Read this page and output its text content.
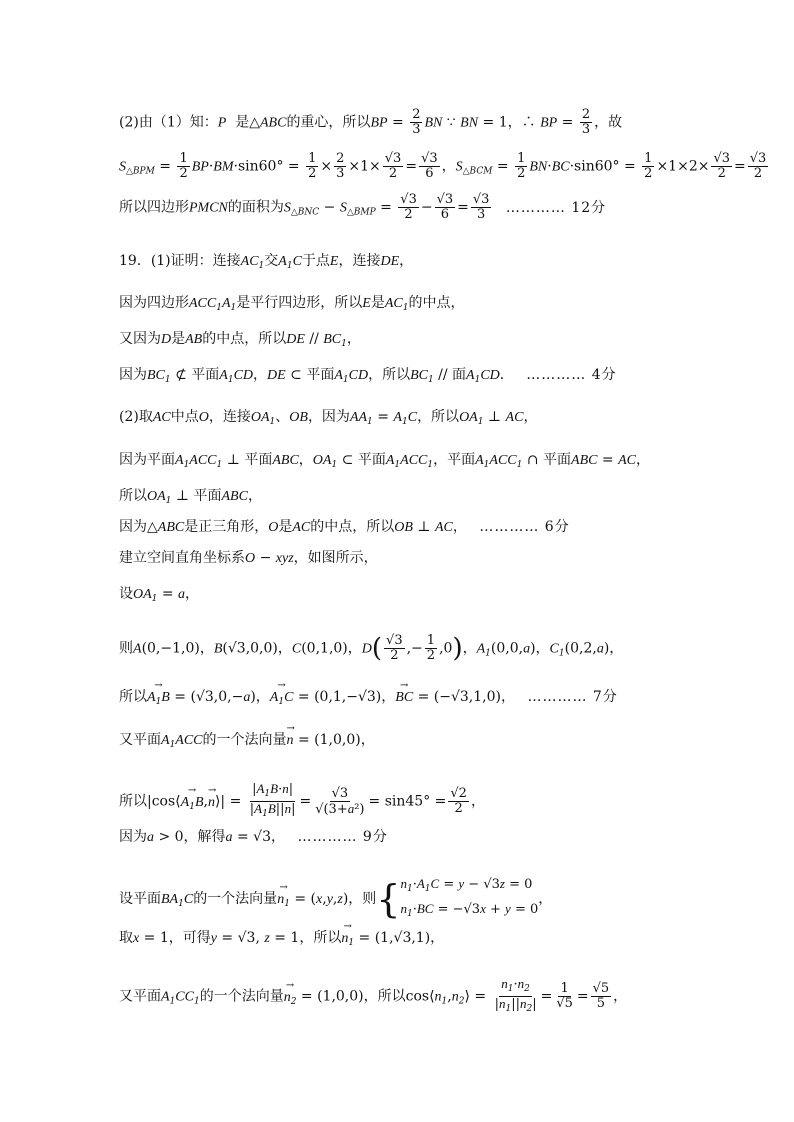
(2)由（1）知：P  是△ABC的重心，所以BP = $\frac{2}{3}$ BN ∵ BN = 1，∴ BP = $\frac{2}{3}$ ，故
$S_{\triangle BPM} = \frac{1}{2} BP\cdot BM\cdot\sin 60^\circ = \frac{1}{2} \times \frac{2}{3} \times 1\times \frac{√3}{2} = \frac{√3}{6}$ ，$S_{\triangle BCM} = \frac{1}{2} BN\cdot BC\cdot\sin 60^\circ = \frac{1}{2} \times 1\times 2\times \frac{√3}{2} = \frac{√3}{2}$
所以四边形PMCN的面积为$S_{\triangle BNC} - S_{\triangle BMP} = \frac{√3}{2} - \frac{√3}{6} = \frac{√3}{3}$ ………… 12分
19．(1)证明：连接$AC_1$交$A_1C$于点E，连接DE，
因为四边形$ACC_1A_1$是平行四边形，所以E是$AC_1$的中点，
又因为D是AB的中点，所以DE // $BC_1$，
因为$BC_1$ ⊄ 平面$A_1CD$，DE ⊂ 平面$A_1CD$，所以$BC_1$ // 面$A_1CD$． ………… 4分
(2)取AC中点O，连接$OA_1$、OB，因为$AA_1 = A_1C$，所以$OA_1$ ⊥ AC，
因为平面$A_1ACC_1$ ⊥ 平面ABC，$OA_1$ ⊂ 平面$A_1ACC_1$，平面$A_1ACC_1$ ∩ 平面ABC = AC，
所以$OA_1$ ⊥ 平面ABC，
因为△ABC是正三角形，O是AC的中点，所以OB ⊥ AC， ………… 6分
建立空间直角坐标系O − xyz，如图所示，
设$OA_1 = a$，
则A(0,−1,0)，B(√3,0,0)，C(0,1,0)，$D( \frac{√3}{2}$ ,− $\frac{1}{2} ,0$)，$A_1(0,0,a)$，$C_1(0,2,a)$，
所以→ $A_1B = (√3,0,-a)$，→ $A_1C = (0,1,-√3)$，→ BC = (−√3,1,0)， ………… 7分
又平面$A_1ACC$的一个法向量→ n = (1,0,0)，
所以|cos⟨→ $A_1B,\to$ n⟩| = $\frac{|A_1B\cdot n|}{|A_1B||n|} = \frac{√3}{\text{√(3+a²)}} = \sin 45^\circ = \frac{√2}{2}$ ，
因为a > 0，解得a = √3， ………… 9分
设平面$BA_1C$的一个法向量→ $n_1 = (x,y,z)$，则{ $n_1\cdot A_1C = y - √3z = 0$
$n_1\cdot BC = -√3x + y = 0$
，
取x = 1，可得y = √3, z = 1，所以→ $n_1 = (1,√3,1)$，
又平面$A_1CC_1$的一个法向量→ $n_2 = (1,0,0)$，所以$\cos⟨n_1,n_2⟩ = \frac{n_1\cdot n_2}{|n_1||n_2|} = \frac{1}{√5} = \frac{√5}{5}$ ，
